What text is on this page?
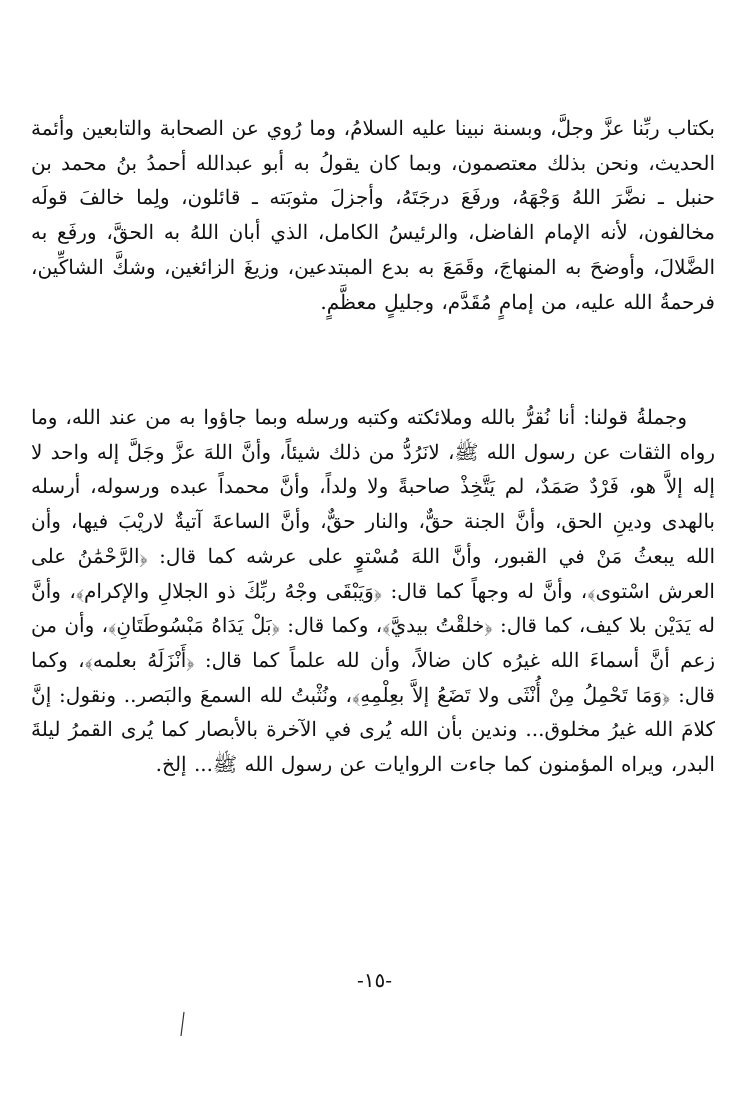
بكتاب ربِّنا عزَّ وجلَّ، وبسنة نبينا عليه السلامُ، وما رُوي عن الصحابة والتابعين وأئمة الحديث، ونحن بذلك معتصمون، وبما كان يقولُ به أبو عبدالله أحمدُ بنُ محمد بن حنبل ـ نضَّرَ اللهُ وَجْهَهُ، ورفَعَ درجَتَهُ، وأجزلَ مثوبَته ـ قائلون، ولِما خالفَ قولَه مخالفون، لأنه الإمام الفاضل، والرئيسُ الكامل، الذي أبان اللهُ به الحقَّ، ورفَع به الضَّلالَ، وأوضحَ به المنهاجَ، وقَمَعَ به بدع المبتدعين، وزيغَ الزائغين، وشكَّ الشاكِّين، فرحمةُ الله عليه، من إمامٍ مُقَدَّم، وجليلٍ معظَّمٍ.

وجملةُ قولنا: أنا نُقرُّ بالله وملائكته وكتبه ورسله وبما جاؤوا به من عند الله، وما رواه الثقات عن رسول الله ﷺ، لانَرُدُّ من ذلك شيئاً، وأنَّ اللهَ عزَّ وجَلَّ إله واحد لا إله إلاَّ هو، فَرْدٌ صَمَدٌ، لم يَتَّخِذْ صاحبةً ولا ولداً، وأنَّ محمداً عبده ورسوله، أرسله بالهدى ودينِ الحق، وأنَّ الجنة حقٌّ، والنار حقٌّ، وأنَّ الساعةَ آتيةٌ لاريْبَ فيها، وأن الله يبعثُ مَنْ في القبور، وأنَّ اللهَ مُسْتوٍ على عرشه كما قال: ﴿الرَّحْمَٰنُ على العرش اسْتوى﴾، وأنَّ له وجهاً كما قال: ﴿وَيَبْقَى وجْهُ ربِّكَ ذو الجلالِ والإكرام﴾، وأنَّ له يَدَيْن بلا كيف، كما قال: ﴿خلقْتُ بيديَّ﴾، وكما قال: ﴿بَلْ يَدَاهُ مَبْسُوطَتَانِ﴾، وأن من زعم أنَّ أسماءَ الله غيرُه كان ضالاً، وأن لله علماً كما قال: ﴿أَنْزَلَهُ بعلمه﴾، وكما قال: ﴿وَمَا تَحْمِلُ مِنْ أُنْثَى ولا تَضَعُ إلاَّ بعِلْمِهِ﴾، ونُثْبتُ لله السمعَ والبَصر.. ونقول: إنَّ كلامَ الله غيرُ مخلوق... وندين بأن الله يُرى في الآخرة بالأبصار كما يُرى القمرُ ليلةَ البدر، ويراه المؤمنون كما جاءت الروايات عن رسول الله ﷺ... إلخ.

-١٥-
